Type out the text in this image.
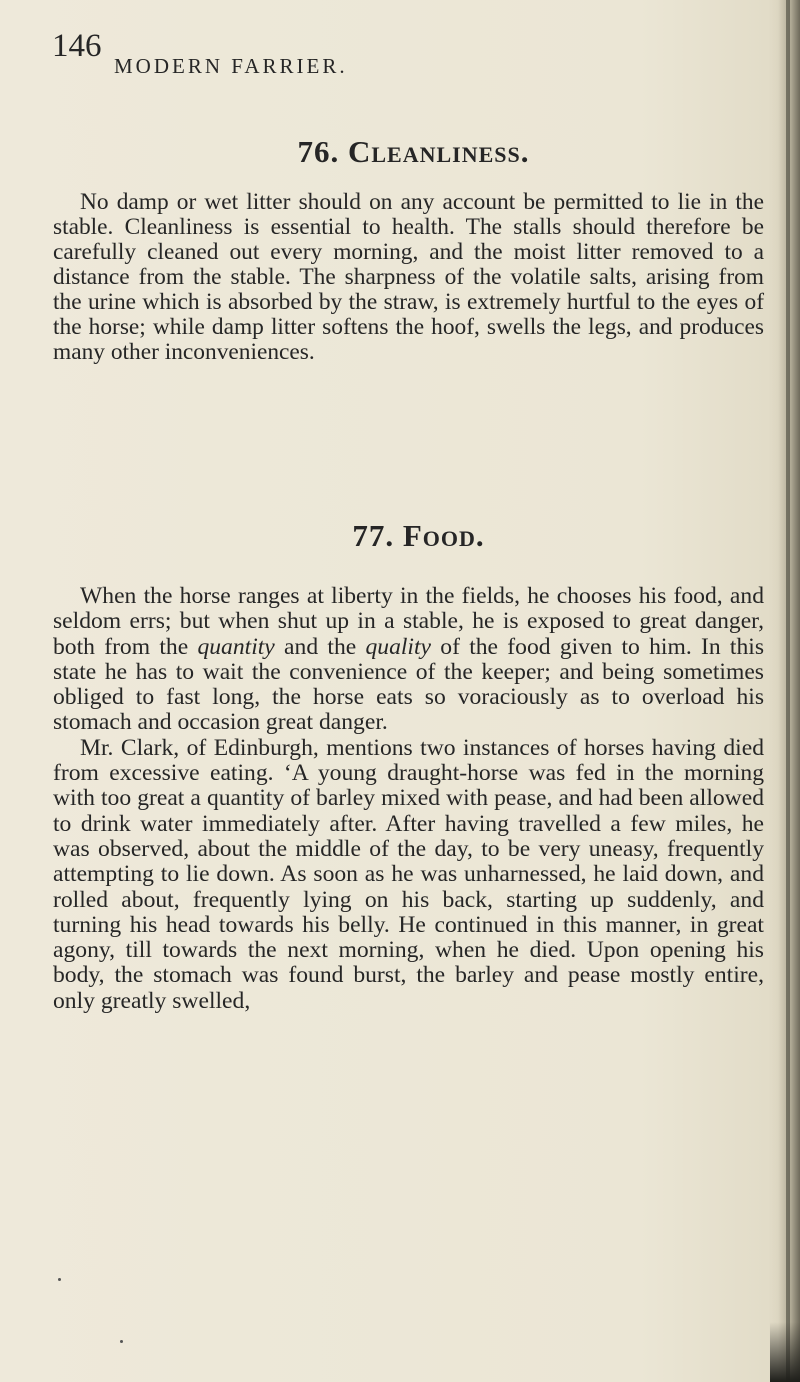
146
MODERN FARRIER.
76. Cleanliness.

No damp or wet litter should on any account be permitted to lie in the stable. Cleanliness is essential to health. The stalls should therefore be carefully cleaned out every morning, and the moist litter removed to a distance from the stable. The sharpness of the volatile salts, arising from the urine which is absorbed by the straw, is extremely hurtful to the eyes of the horse; while damp litter softens the hoof, swells the legs, and produces many other inconveniences.

77. Food.

When the horse ranges at liberty in the fields, he chooses his food, and seldom errs; but when shut up in a stable, he is exposed to great danger, both from the quantity and the quality of the food given to him. In this state he has to wait the convenience of the keeper; and being sometimes obliged to fast long, the horse eats so voraciously as to overload his stomach and occasion great danger.

Mr. Clark, of Edinburgh, mentions two instances of horses having died from excessive eating. ‘A young draught-horse was fed in the morning with too great a quantity of barley mixed with pease, and had been allowed to drink water immediately after. After having travelled a few miles, he was observed, about the middle of the day, to be very uneasy, frequently attempting to lie down. As soon as he was unharnessed, he laid down, and rolled about, frequently lying on his back, starting up suddenly, and turning his head towards his belly. He continued in this manner, in great agony, till towards the next morning, when he died. Upon opening his body, the stomach was found burst, the barley and pease mostly entire, only greatly swelled,
